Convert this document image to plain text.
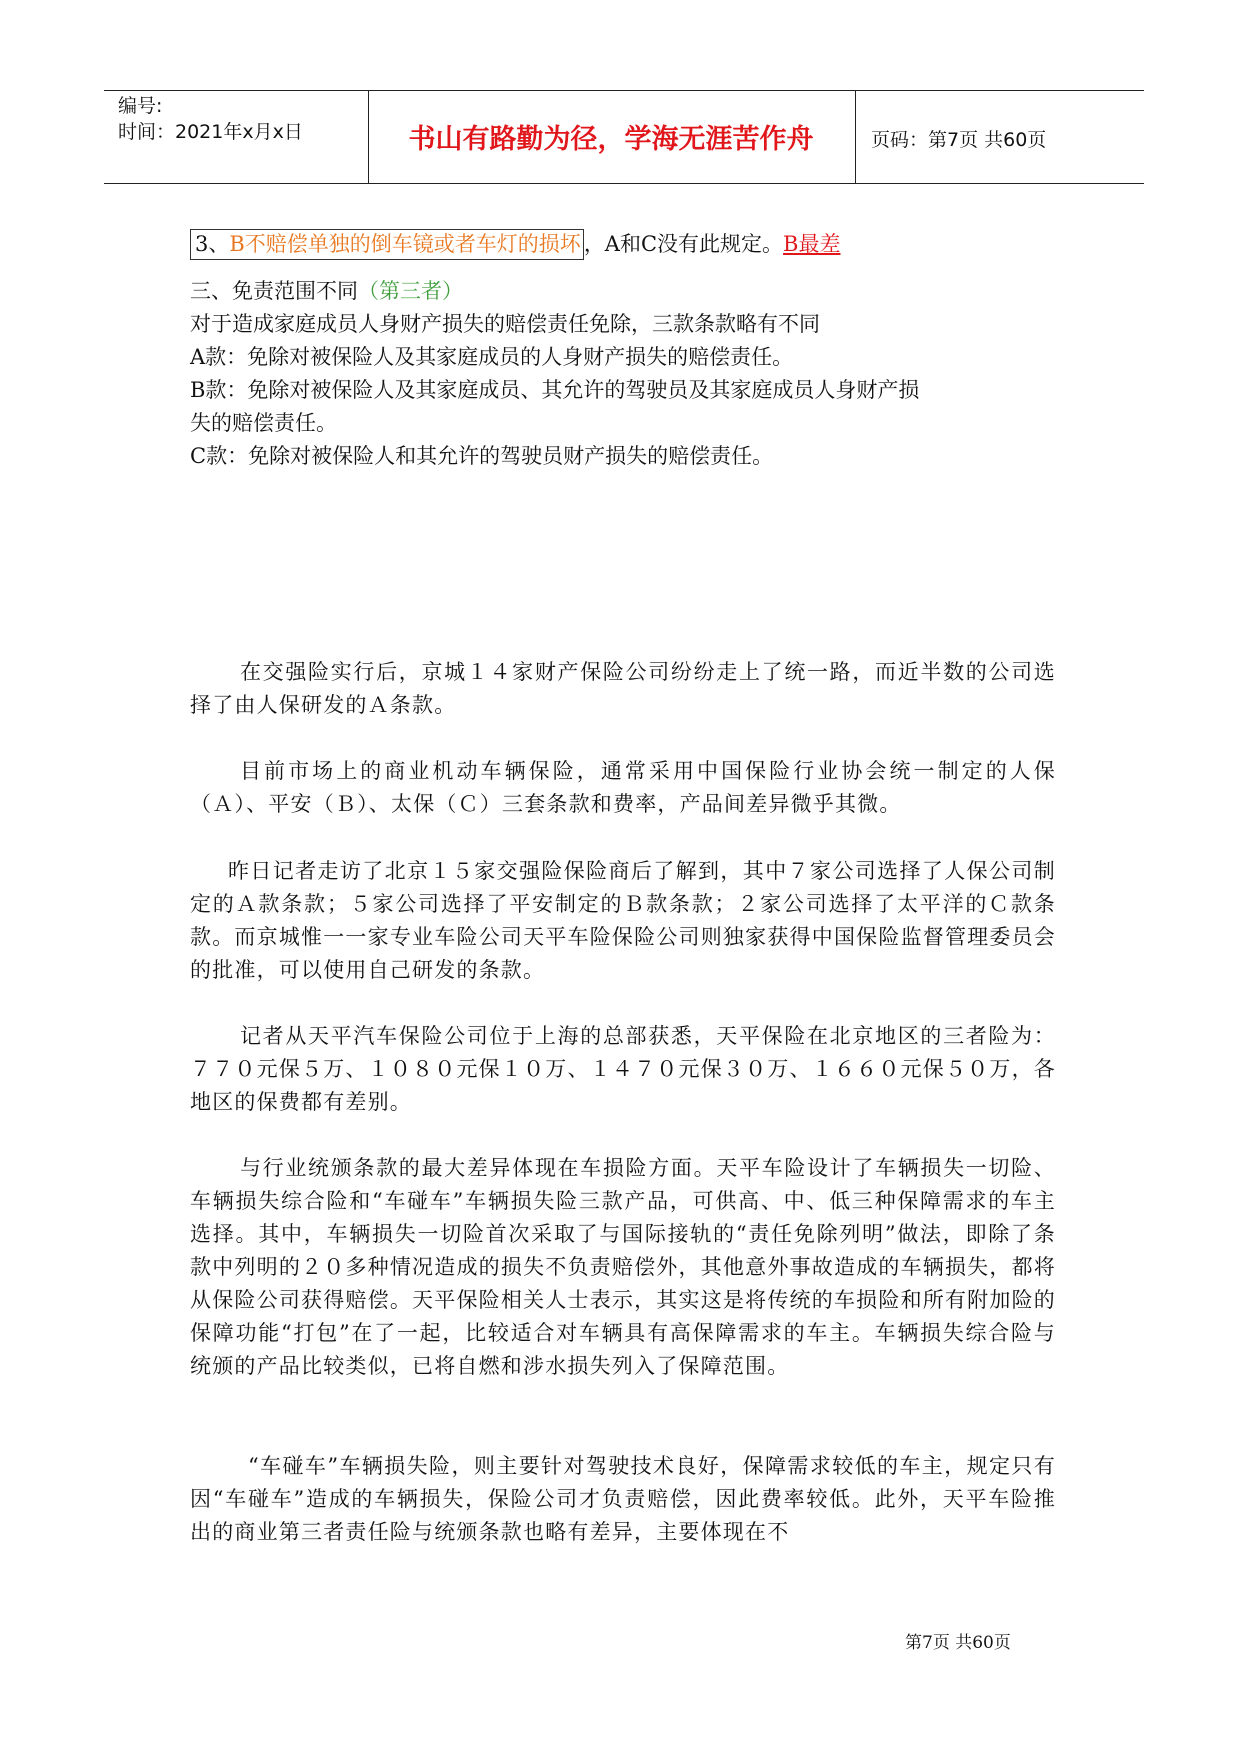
编号:
时间：2021年x月x日	书山有路勤为径，学海无涯苦作舟	页码：第7页 共60页
3、B不赔偿单独的倒车镜或者车灯的损坏 ，A和C没有此规定。B最差
三、免责范围不同（第三者）
对于造成家庭成员人身财产损失的赔偿责任免除，三款条款略有不同
A款：免除对被保险人及其家庭成员的人身财产损失的赔偿责任。
B款：免除对被保险人及其家庭成员、其允许的驾驶员及其家庭成员人身财产损
失的赔偿责任。
C款：免除对被保险人和其允许的驾驶员财产损失的赔偿责任。

在交强险实行后，京城１４家财产保险公司纷纷走上了统一路，而近半数的公司选择了由人保研发的Ａ条款。

目前市场上的商业机动车辆保险，通常采用中国保险行业协会统一制定的人保（Ａ）、平安（Ｂ）、太保（Ｃ）三套条款和费率，产品间差异微乎其微。

昨日记者走访了北京１５家交强险保险商后了解到，其中７家公司选择了人保公司制定的Ａ款条款；５家公司选择了平安制定的Ｂ款条款；２家公司选择了太平洋的Ｃ款条款。而京城惟一一家专业车险公司天平车险保险公司则独家获得中国保险监督管理委员会的批准，可以使用自己研发的条款。

记者从天平汽车保险公司位于上海的总部获悉，天平保险在北京地区的三者险为：７７０元保５万、１０８０元保１０万、１４７０元保３０万、１６６０元保５０万，各地区的保费都有差别。

与行业统颁条款的最大差异体现在车损险方面。天平车险设计了车辆损失一切险、车辆损失综合险和“车碰车”车辆损失险三款产品，可供高、中、低三种保障需求的车主选择。其中，车辆损失一切险首次采取了与国际接轨的“责任免除列明”做法，即除了条款中列明的２０多种情况造成的损失不负责赔偿外，其他意外事故造成的车辆损失，都将从保险公司获得赔偿。天平保险相关人士表示，其实这是将传统的车损险和所有附加险的保障功能“打包”在了一起，比较适合对车辆具有高保障需求的车主。车辆损失综合险与统颁的产品比较类似，已将自燃和涉水损失列入了保障范围。

“车碰车”车辆损失险，则主要针对驾驶技术良好，保障需求较低的车主，规定只有因“车碰车”造成的车辆损失，保险公司才负责赔偿，因此费率较低。此外，天平车险推出的商业第三者责任险与统颁条款也略有差异，主要体现在不

第7页 共60页
